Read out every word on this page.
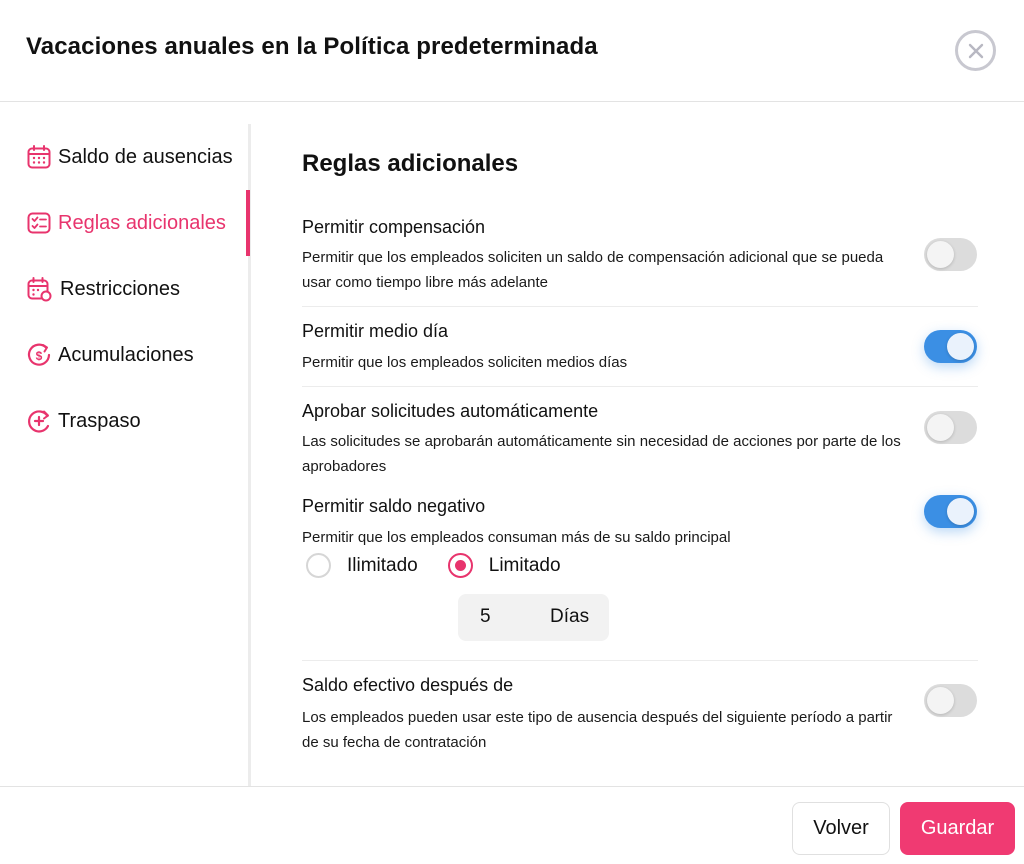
Vacaciones anuales en la Política predeterminada
Saldo de ausencias
Reglas adicionales
Restricciones
$ Acumulaciones
Traspaso
Reglas adicionales
Permitir compensación
Permitir que los empleados soliciten un saldo de compensación adicional que se pueda usar como tiempo libre más adelante
Permitir medio día
Permitir que los empleados soliciten medios días
Aprobar solicitudes automáticamente
Las solicitudes se aprobarán automáticamente sin necesidad de acciones por parte de los aprobadores
Permitir saldo negativo
Permitir que los empleados consuman más de su saldo principal
Ilimitado	Limitado
5	Días
Saldo efectivo después de
Los empleados pueden usar este tipo de ausencia después del siguiente período a partir de su fecha de contratación
Volver	Guardar
